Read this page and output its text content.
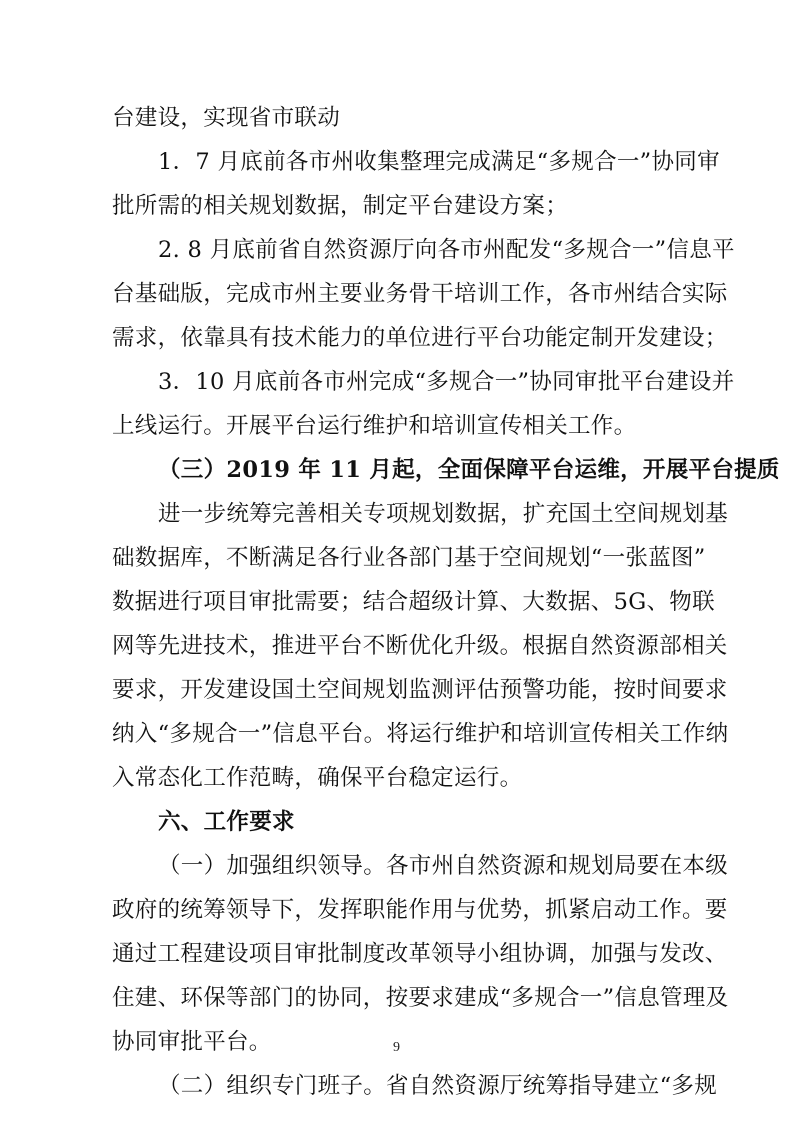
台建设，实现省市联动
1．7 月底前各市州收集整理完成满足“多规合一”协同审
批所需的相关规划数据，制定平台建设方案；
2. 8 月底前省自然资源厅向各市州配发“多规合一”信息平
台基础版，完成市州主要业务骨干培训工作，各市州结合实际
需求，依靠具有技术能力的单位进行平台功能定制开发建设；
3．10 月底前各市州完成“多规合一”协同审批平台建设并
上线运行。开展平台运行维护和培训宣传相关工作。
（三）2019 年 11 月起，全面保障平台运维，开展平台提质
进一步统筹完善相关专项规划数据，扩充国土空间规划基
础数据库，不断满足各行业各部门基于空间规划“一张蓝图”
数据进行项目审批需要；结合超级计算、大数据、5G、物联
网等先进技术，推进平台不断优化升级。根据自然资源部相关
要求，开发建设国土空间规划监测评估预警功能，按时间要求
纳入“多规合一”信息平台。将运行维护和培训宣传相关工作纳
入常态化工作范畴，确保平台稳定运行。
六、工作要求
（一）加强组织领导。各市州自然资源和规划局要在本级
政府的统筹领导下，发挥职能作用与优势，抓紧启动工作。要
通过工程建设项目审批制度改革领导小组协调，加强与发改、
住建、环保等部门的协同，按要求建成“多规合一”信息管理及
协同审批平台。
（二）组织专门班子。省自然资源厅统筹指导建立“多规
9
